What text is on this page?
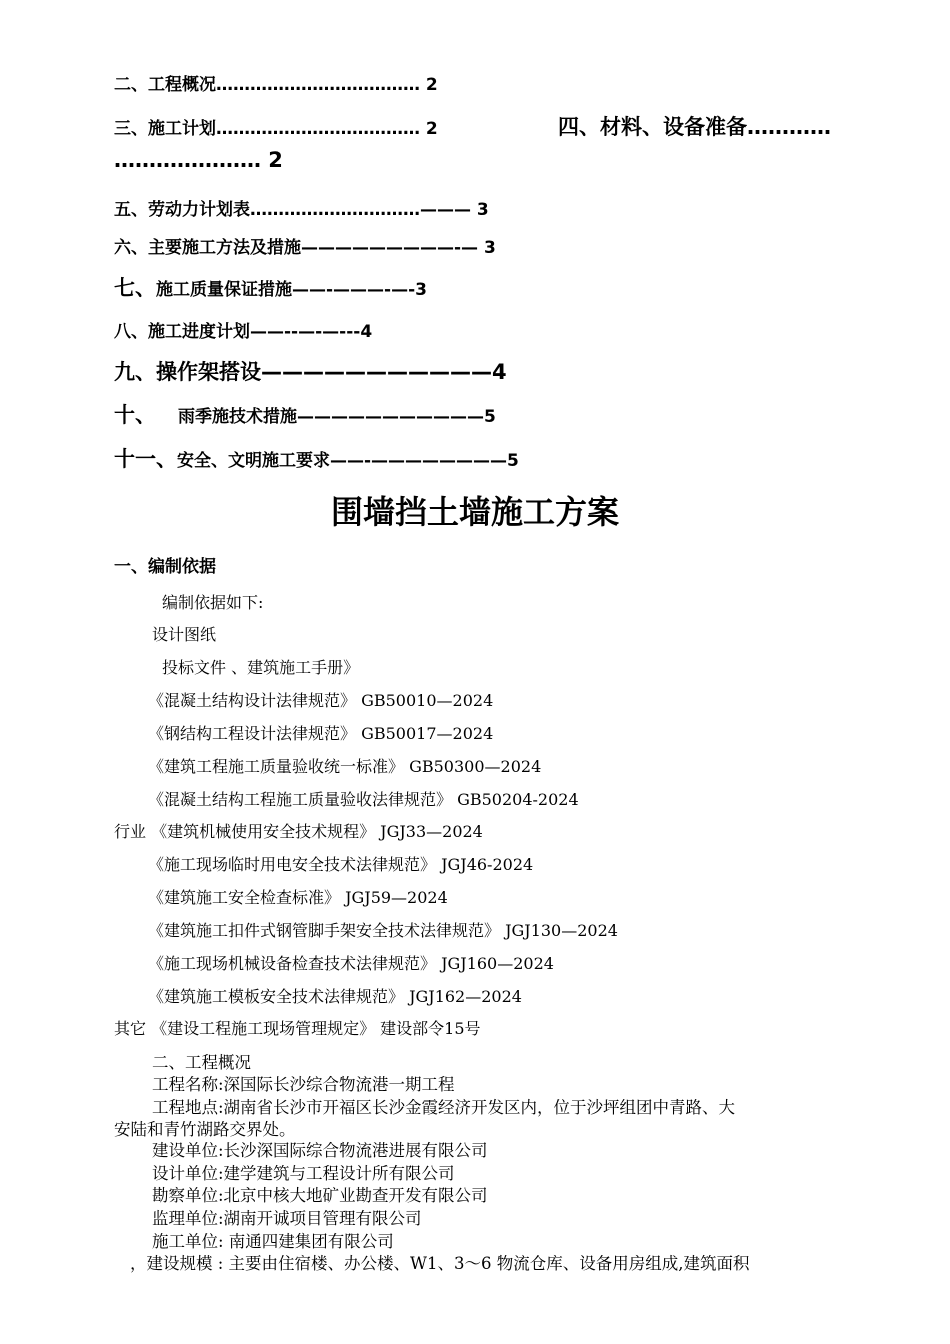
二、工程概况……………………………… 2
三、施工计划……………………………… 2	四、材料、设备准备…………
………………… 2
五、劳动力计划表…………………………——— 3
六、主要施工方法及措施—————————-— 3
七、施工质量保证措施——-———-—-3
八、施工进度计划——--—-—---4
九、操作架搭设———————————4
十、 雨季施技术措施———————————5
十一、安全、文明施工要求——-————————5
围墙挡土墙施工方案
一、编制依据
编制依据如下:
设计图纸
投标文件 、建筑施工手册》
《混凝土结构设计法律规范》 GB50010—2024
《钢结构工程设计法律规范》 GB50017—2024
《建筑工程施工质量验收统一标准》 GB50300—2024
《混凝土结构工程施工质量验收法律规范》 GB50204-2024
行业 《建筑机械使用安全技术规程》 JGJ33—2024
《施工现场临时用电安全技术法律规范》 JGJ46-2024
《建筑施工安全检查标准》 JGJ59—2024
《建筑施工扣件式钢管脚手架安全技术法律规范》 JGJ130—2024
《施工现场机械设备检查技术法律规范》 JGJ160—2024
《建筑施工模板安全技术法律规范》 JGJ162—2024
其它 《建设工程施工现场管理规定》 建设部令15号
二、工程概况
工程名称:深国际长沙综合物流港一期工程
工程地点:湖南省长沙市开福区长沙金霞经济开发区内，位于沙坪组团中青路、大
安陆和青竹湖路交界处。
建设单位:长沙深国际综合物流港进展有限公司
设计单位:建学建筑与工程设计所有限公司
勘察单位:北京中核大地矿业勘查开发有限公司
监理单位:湖南开诚项目管理有限公司
施工单位: 南通四建集团有限公司
，建设规模 : 主要由住宿楼、办公楼、W1、3～6 物流仓库、设备用房组成,建筑面积
